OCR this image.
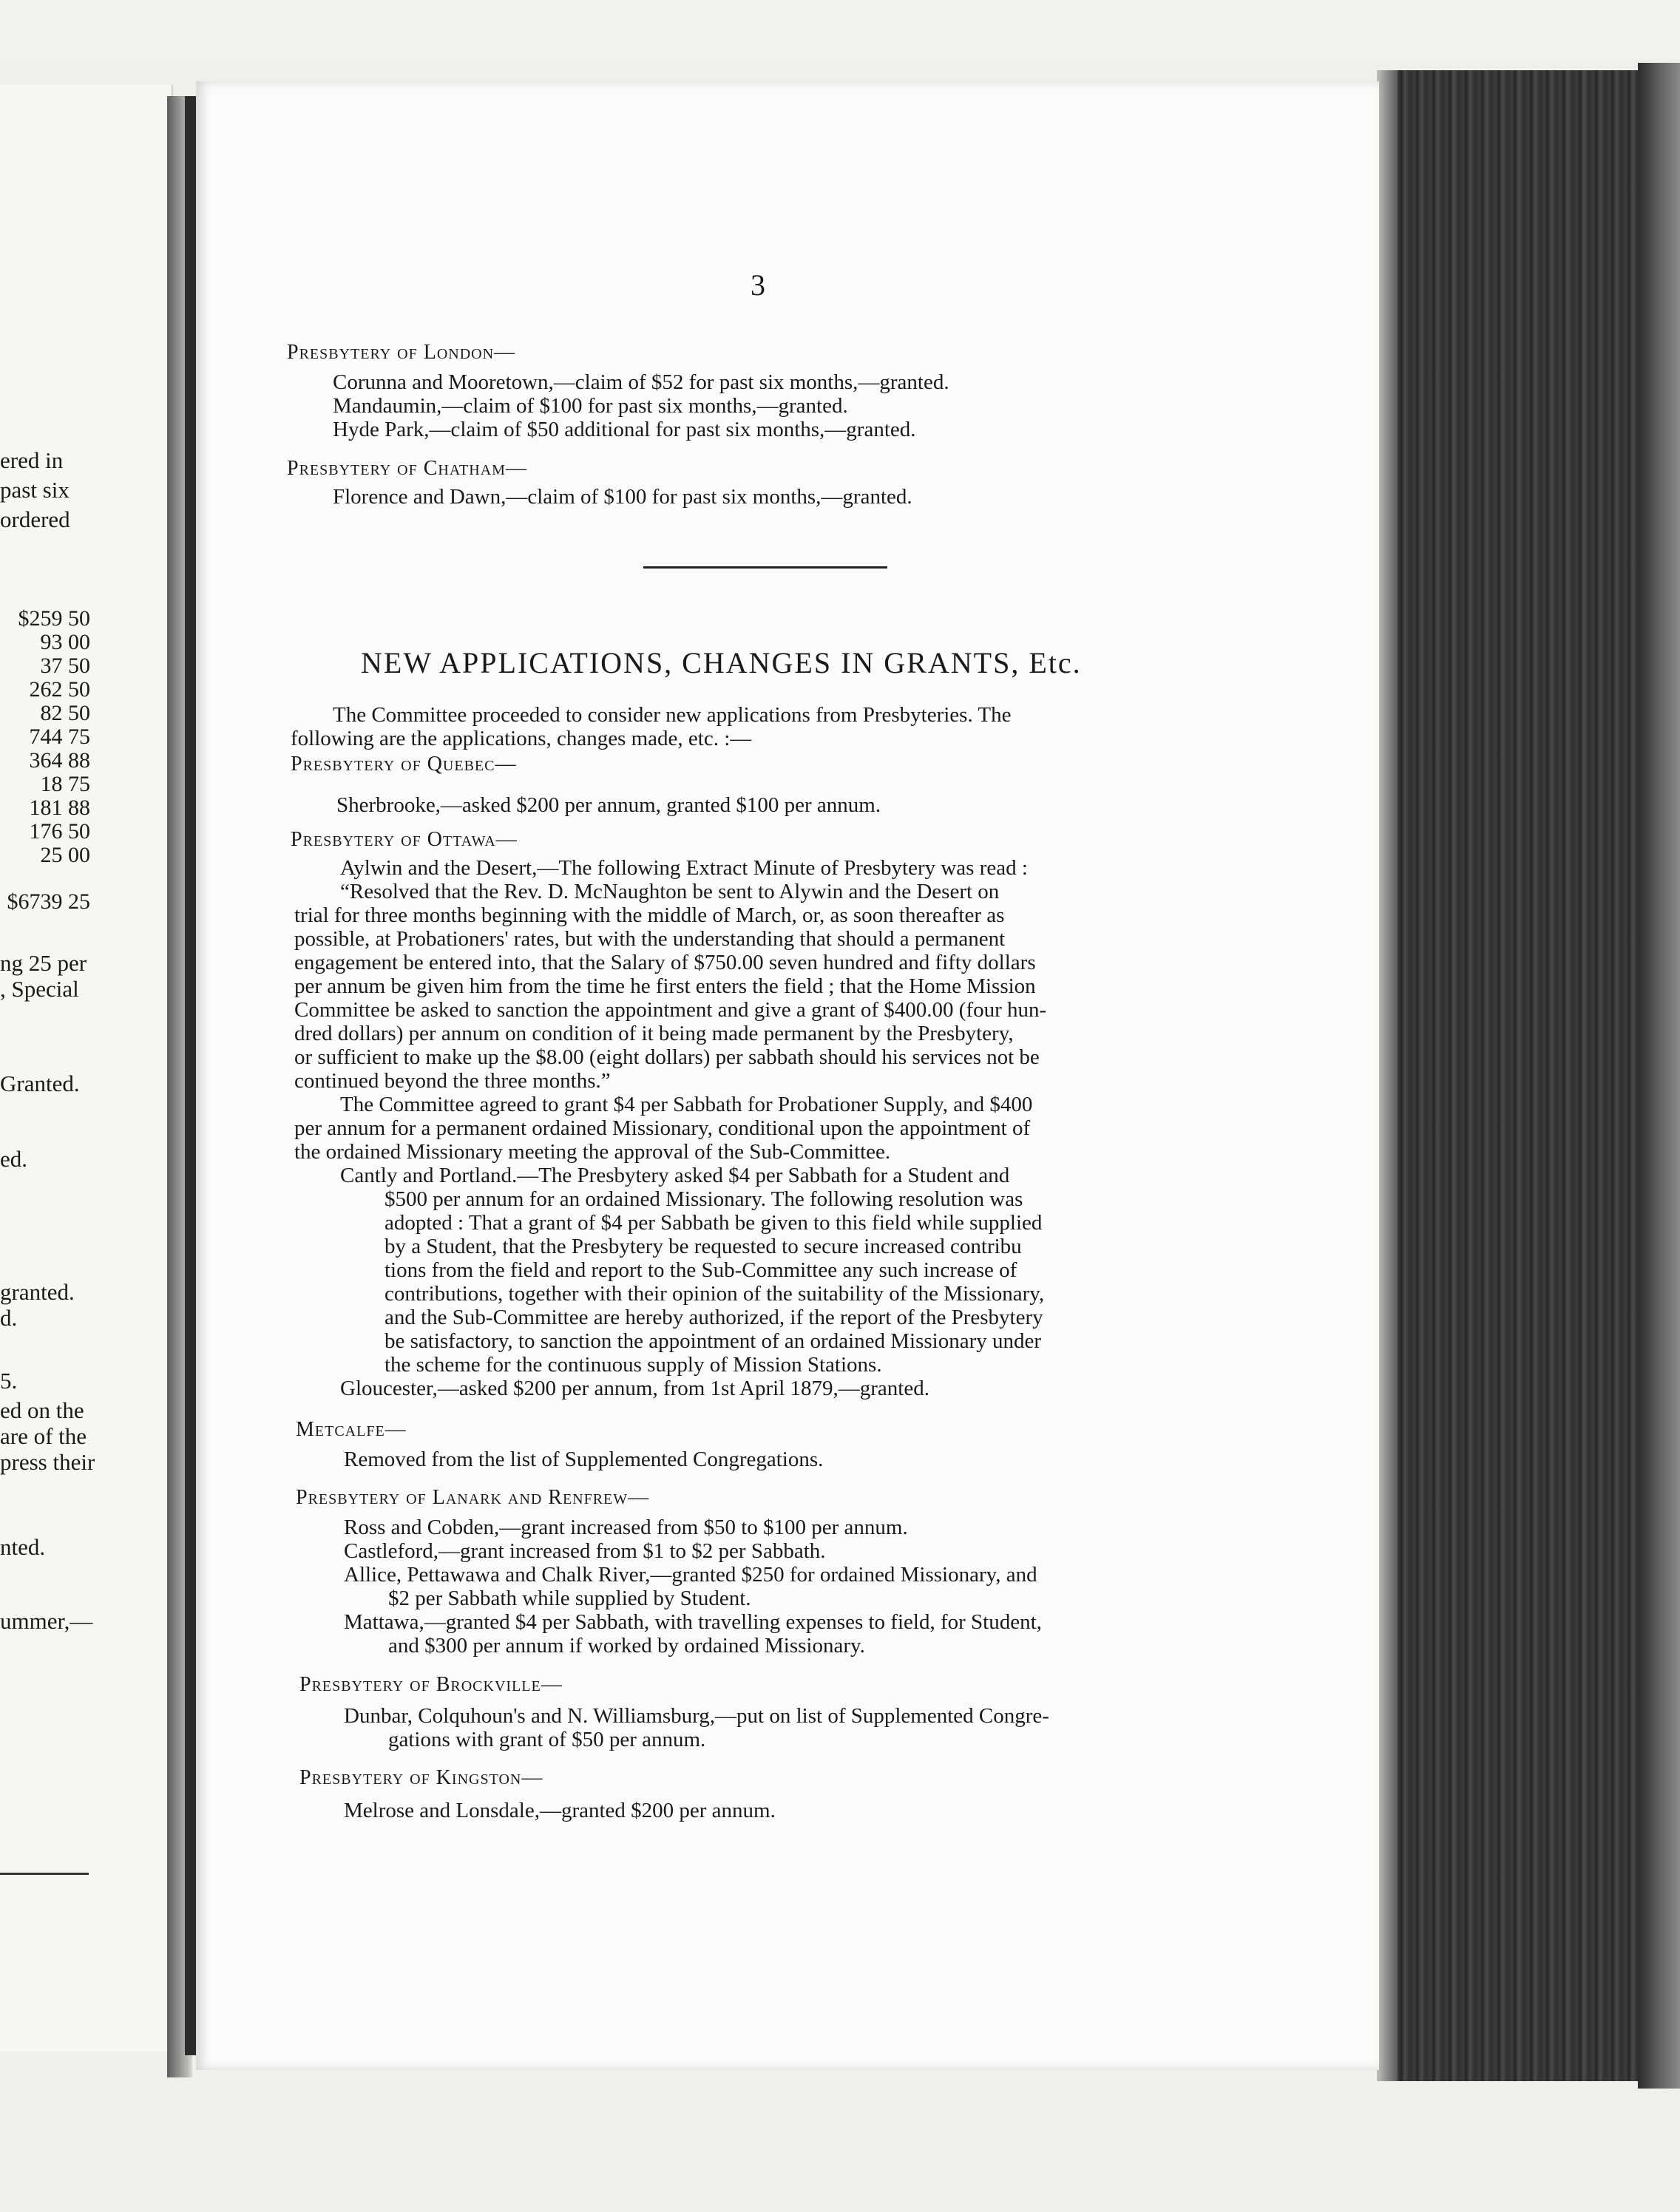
ered in
past six
ordered
$259 50
93 00
37 50
262 50
82 50
744 75
364 88
18 75
181 88
176 50
25 00
$6739 25
ng 25 per
, Special
Granted.
ed.
granted.
d.
5.
ed on the
are of the
press their
nted.
ummer,—
3
Presbytery of London—
Corunna and Mooretown,—claim of $52 for past six months,—granted.
Mandaumin,—claim of $100 for past six months,—granted.
Hyde Park,—claim of $50 additional for past six months,—granted.
Presbytery of Chatham—
Florence and Dawn,—claim of $100 for past six months,—granted.
NEW APPLICATIONS, CHANGES IN GRANTS, Etc.
The Committee proceeded to consider new applications from Presbyteries. The
following are the applications, changes made, etc. :—
Presbytery of Quebec—
Sherbrooke,—asked $200 per annum, granted $100 per annum.
Presbytery of Ottawa—
Aylwin and the Desert,—The following Extract Minute of Presbytery was read :
“Resolved that the Rev. D. McNaughton be sent to Alywin and the Desert on
trial for three months beginning with the middle of March, or, as soon thereafter as
possible, at Probationers' rates, but with the understanding that should a permanent
engagement be entered into, that the Salary of $750.00 seven hundred and fifty dollars
per annum be given him from the time he first enters the field ; that the Home Mission
Committee be asked to sanction the appointment and give a grant of $400.00 (four hun-
dred dollars) per annum on condition of it being made permanent by the Presbytery,
or sufficient to make up the $8.00 (eight dollars) per sabbath should his services not be
continued beyond the three months.”
The Committee agreed to grant $4 per Sabbath for Probationer Supply, and $400
per annum for a permanent ordained Missionary, conditional upon the appointment of
the ordained Missionary meeting the approval of the Sub-Committee.
Cantly and Portland.—The Presbytery asked $4 per Sabbath for a Student and
$500 per annum for an ordained Missionary. The following resolution was
adopted : That a grant of $4 per Sabbath be given to this field while supplied
by a Student, that the Presbytery be requested to secure increased contribu
tions from the field and report to the Sub-Committee any such increase of
contributions, together with their opinion of the suitability of the Missionary,
and the Sub-Committee are hereby authorized, if the report of the Presbytery
be satisfactory, to sanction the appointment of an ordained Missionary under
the scheme for the continuous supply of Mission Stations.
Gloucester,—asked $200 per annum, from 1st April 1879,—granted.
Metcalfe—
Removed from the list of Supplemented Congregations.
Presbytery of Lanark and Renfrew—
Ross and Cobden,—grant increased from $50 to $100 per annum.
Castleford,—grant increased from $1 to $2 per Sabbath.
Allice, Pettawawa and Chalk River,—granted $250 for ordained Missionary, and
$2 per Sabbath while supplied by Student.
Mattawa,—granted $4 per Sabbath, with travelling expenses to field, for Student,
and $300 per annum if worked by ordained Missionary.
Presbytery of Brockville—
Dunbar, Colquhoun's and N. Williamsburg,—put on list of Supplemented Congre-
gations with grant of $50 per annum.
Presbytery of Kingston—
Melrose and Lonsdale,—granted $200 per annum.
